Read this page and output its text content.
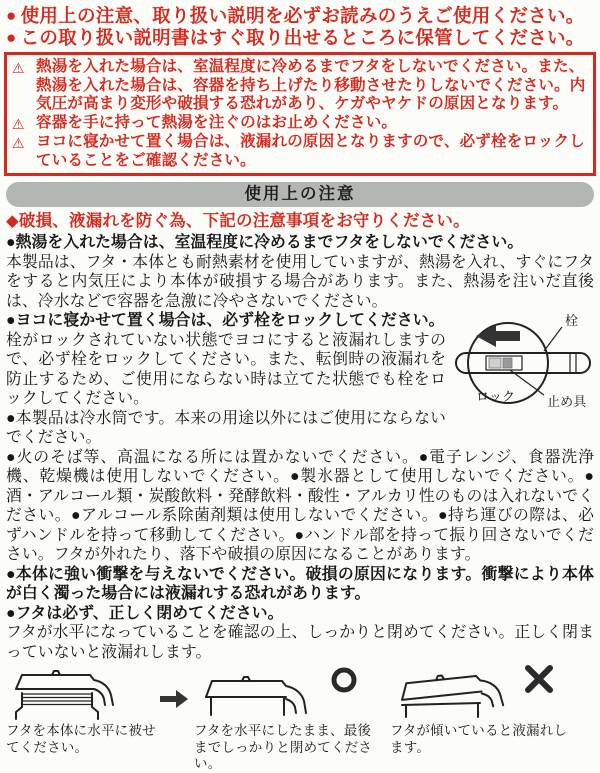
● 使用上の注意、取り扱い説明を必ずお読みのうえご使用ください。
● この取り扱い説明書はすぐ取り出せるところに保管してください。
⚠ 熱湯を入れた場合は、室温程度に冷めるまでフタをしないでください。また、熱湯を入れた場合は、容器を持ち上げたり移動させたりしないでください。内気圧が高まり変形や破損する恐れがあり、ケガやヤケドの原因となります。
⚠ 容器を手に持って熱湯を注ぐのはお止めください。
⚠ ヨコに寝かせて置く場合は、液漏れの原因となりますので、必ず栓をロックしていることをご確認ください。
使用上の注意
◆破損、液漏れを防ぐ為、下記の注意事項をお守りください。
●熱湯を入れた場合は、室温程度に冷めるまでフタをしないでください。
本製品は、フタ・本体とも耐熱素材を使用していますが、熱湯を入れ、すぐにフタをすると内気圧により本体が破損する場合があります。また、熱湯を注いだ直後は、冷水などで容器を急激に冷やさないでください。
栓
ロック 止め具
●ヨコに寝かせて置く場合は、必ず栓をロックしてください。
栓がロックされていない状態でヨコにすると液漏れしますので、必ず栓をロックしてください。また、転倒時の液漏れを防止するため、ご使用にならない時は立てた状態でも栓をロックしてください。
●本製品は冷水筒です。本来の用途以外にはご使用にならないでください。
●火のそば等、高温になる所には置かないでください。●電子レンジ、食器洗浄機、乾燥機は使用しないでください。●製氷器として使用しないでください。●酒・アルコール類・炭酸飲料・発酵飲料・酸性・アルカリ性のものは入れないでください。●アルコール系除菌剤類は使用しないでください。●持ち運びの際は、必ずハンドルを持って移動してください。●ハンドル部を持って振り回さないでください。フタが外れたり、落下や破損の原因になることがあります。
●本体に強い衝撃を与えないでください。破損の原因になります。衝撃により本体が白く濁った場合には液漏れする恐れがあります。
●フタは必ず、正しく閉めてください。
フタが水平になっていることを確認の上、しっかりと閉めてください。正しく閉まっていないと液漏れします。
フタを本体に水平に被せてください。
フタを水平にしたまま、最後までしっかりと閉めてください。
フタが傾いていると液漏れします。
